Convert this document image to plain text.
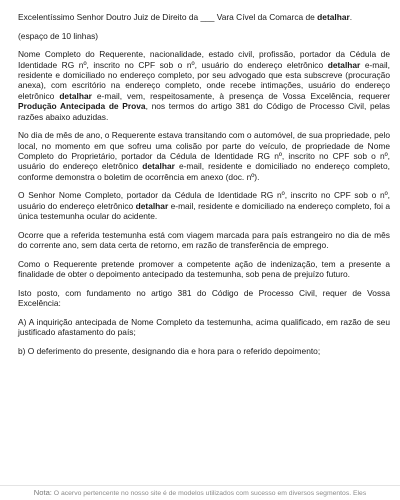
Excelentíssimo Senhor Doutro Juiz de Direito da ___ Vara Cível da Comarca de detalhar.

(espaço de 10 linhas)

Nome Completo do Requerente, nacionalidade, estado civil, profissão, portador da Cédula de Identidade RG nº, inscrito no CPF sob o nº, usuário do endereço eletrônico detalhar e-mail, residente e domiciliado no endereço completo, por seu advogado que esta subscreve (procuração anexa), com escritório na endereço completo, onde recebe intimações, usuário do endereço eletrônico detalhar e-mail, vem, respeitosamente, à presença de Vossa Excelência, requerer Produção Antecipada de Prova, nos termos do artigo 381 do Código de Processo Civil, pelas razões abaixo aduzidas.

No dia de mês de ano, o Requerente estava transitando com o automóvel, de sua propriedade, pelo local, no momento em que sofreu uma colisão por parte do veículo, de propriedade de Nome Completo do Proprietário, portador da Cédula de Identidade RG nº, inscrito no CPF sob o nº, usuário do endereço eletrônico detalhar e-mail, residente e domiciliado no endereço completo, conforme demonstra o boletim de ocorrência em anexo (doc. nº).

O Senhor Nome Completo, portador da Cédula de Identidade RG nº, inscrito no CPF sob o nº, usuário do endereço eletrônico detalhar e-mail, residente e domiciliado na endereço completo, foi a única testemunha ocular do acidente.

Ocorre que a referida testemunha está com viagem marcada para país estrangeiro no dia de mês do corrente ano, sem data certa de retorno, em razão de transferência de emprego.

Como o Requerente pretende promover a competente ação de indenização, tem a presente a finalidade de obter o depoimento antecipado da testemunha, sob pena de prejuízo futuro.

Isto posto, com fundamento no artigo 381 do Código de Processo Civil, requer de Vossa Excelência:

A) A inquirição antecipada de Nome Completo da testemunha, acima qualificado, em razão de seu justificado afastamento do país;

b) O deferimento do presente, designando dia e hora para o referido depoimento;

Nota: O acervo pertencente no nosso site é de modelos utilizados com sucesso em diversos segmentos. Eles
